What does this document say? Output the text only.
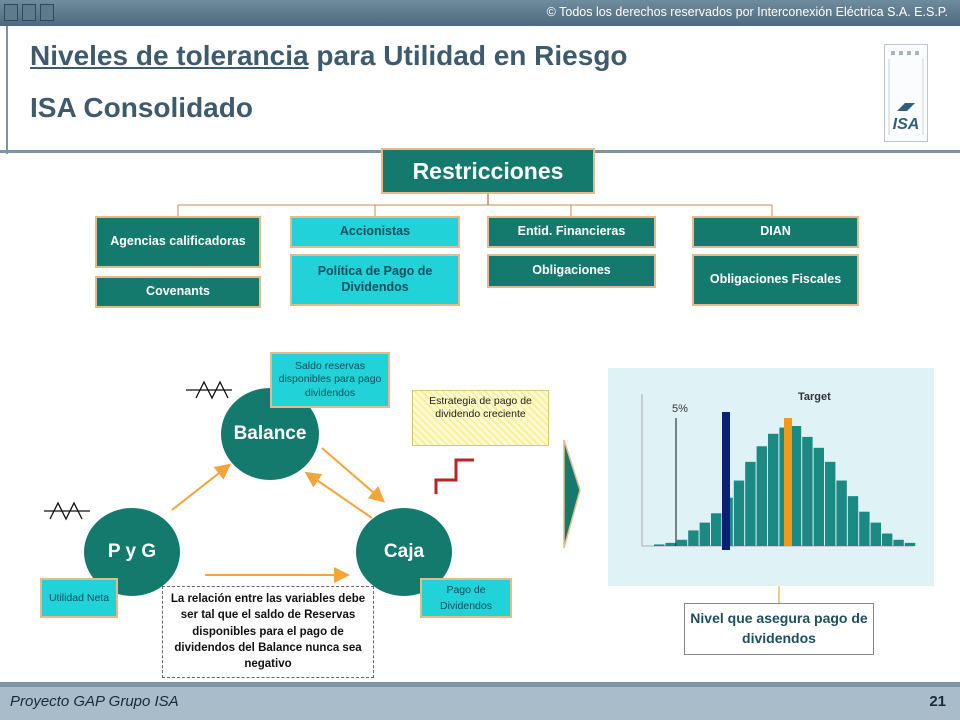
© Todos los derechos reservados por Interconexión Eléctrica S.A. E.S.P.
Niveles de tolerancia para Utilidad en Riesgo
ISA Consolidado
ISA
Restricciones
Agencias calificadoras
Covenants
Accionistas
Política de Pago de Dividendos
Entid. Financieras
Obligaciones
DIAN
Obligaciones Fiscales
Balance
P y G	Caja
Saldo reservas disponibles para pago dividendos
Utilidad Neta
Pago de Dividendos
Estrategia de pago de dividendo creciente
La relación entre las variables debe ser tal que el saldo de Reservas disponibles para el pago de dividendos del Balance nunca sea negativo
5%
Target
Nivel que asegura pago de dividendos
Proyecto GAP Grupo ISA	21
